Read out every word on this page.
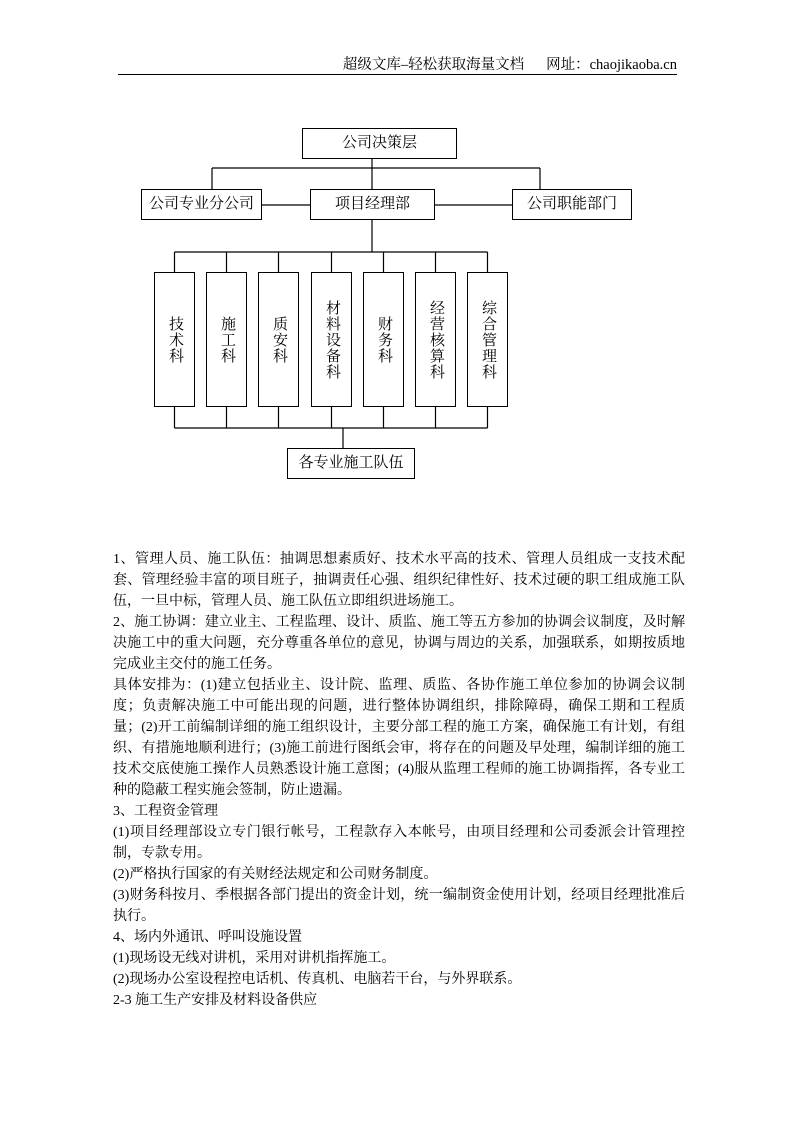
超级文库–轻松获取海量文档 网址：chaojikaoba.cn
公司决策层
公司专业分公司	项目经理部	公司职能部门
技术科 施工科 质安科 材料设备科 财务科 经营核算科 综合管理科
各专业施工队伍

1、管理人员、施工队伍：抽调思想素质好、技术水平高的技术、管理人员组成一支技术配套、管理经验丰富的项目班子，抽调责任心强、组织纪律性好、技术过硬的职工组成施工队伍，一旦中标，管理人员、施工队伍立即组织进场施工。

2、施工协调：建立业主、工程监理、设计、质监、施工等五方参加的协调会议制度，及时解决施工中的重大问题，充分尊重各单位的意见，协调与周边的关系，加强联系，如期按质地完成业主交付的施工任务。

具体安排为：(1)建立包括业主、设计院、监理、质监、各协作施工单位参加的协调会议制度；负责解决施工中可能出现的问题，进行整体协调组织，排除障碍，确保工期和工程质量；(2)开工前编制详细的施工组织设计，主要分部工程的施工方案，确保施工有计划，有组织、有措施地顺利进行；(3)施工前进行图纸会审，将存在的问题及早处理，编制详细的施工技术交底使施工操作人员熟悉设计施工意图；(4)服从监理工程师的施工协调指挥，各专业工种的隐蔽工程实施会签制，防止遗漏。

3、工程资金管理

(1)项目经理部设立专门银行帐号，工程款存入本帐号，由项目经理和公司委派会计管理控制，专款专用。

(2)严格执行国家的有关财经法规定和公司财务制度。

(3)财务科按月、季根据各部门提出的资金计划，统一编制资金使用计划，经项目经理批准后执行。

4、场内外通讯、呼叫设施设置

(1)现场设无线对讲机，采用对讲机指挥施工。

(2)现场办公室设程控电话机、传真机、电脑若干台，与外界联系。

2-3 施工生产安排及材料设备供应
